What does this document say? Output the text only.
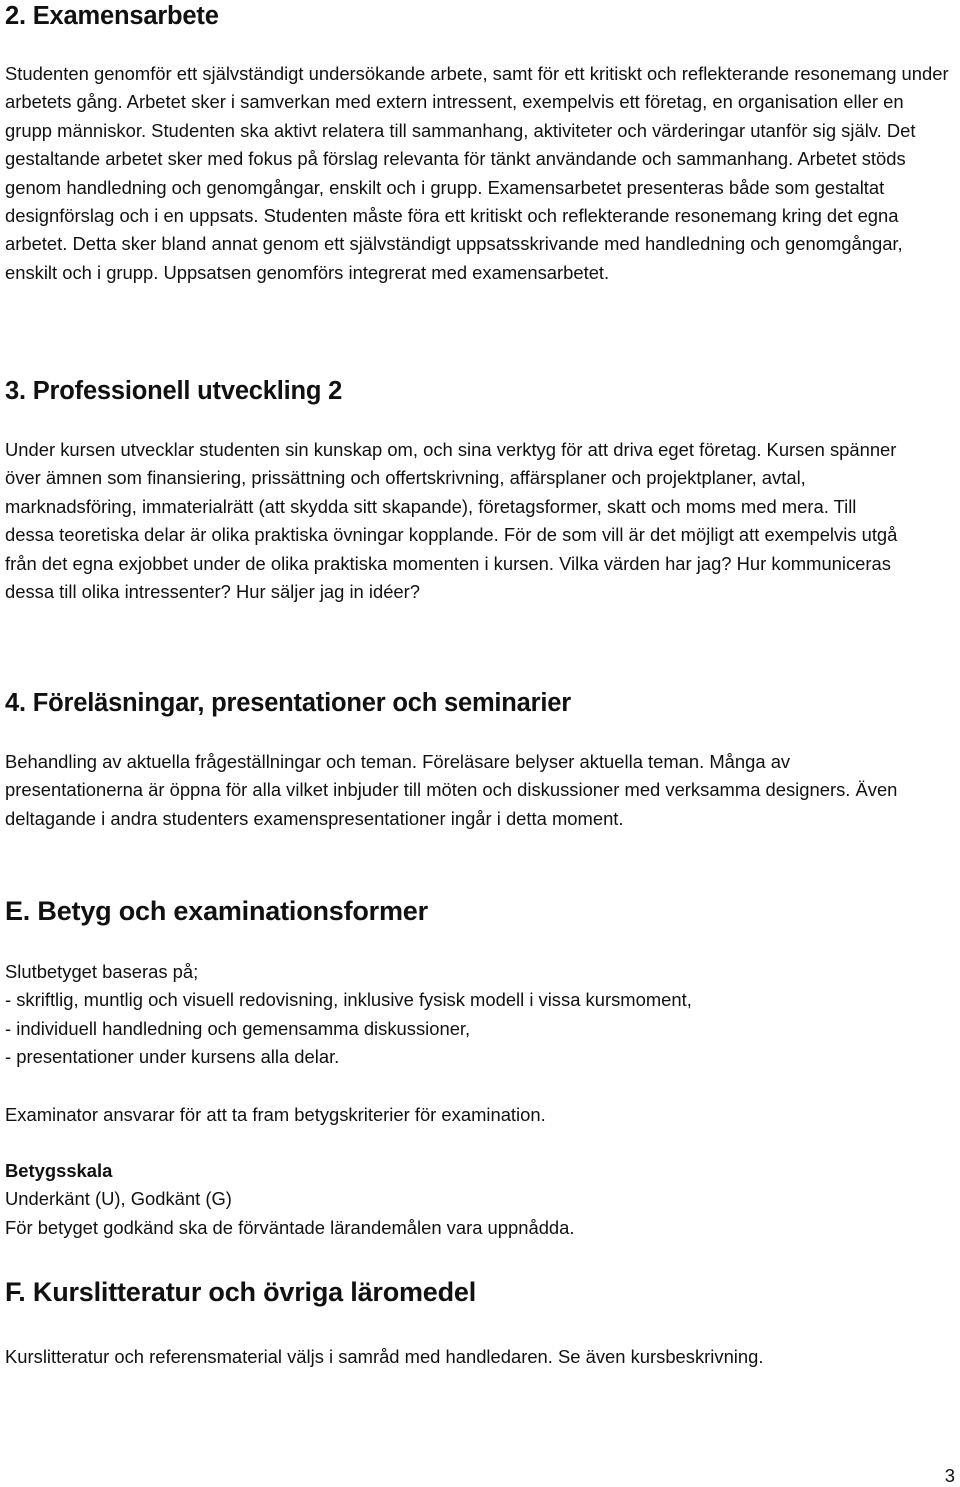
2. Examensarbete

Studenten genomför ett självständigt undersökande arbete, samt för ett kritiskt och reflekterande resonemang under arbetets gång. Arbetet sker i samverkan med extern intressent, exempelvis ett företag, en organisation eller en grupp människor. Studenten ska aktivt relatera till sammanhang, aktiviteter och värderingar utanför sig själv. Det gestaltande arbetet sker med fokus på förslag relevanta för tänkt användande och sammanhang. Arbetet stöds genom handledning och genomgångar, enskilt och i grupp. Examensarbetet presenteras både som gestaltat designförslag och i en uppsats. Studenten måste föra ett kritiskt och reflekterande resonemang kring det egna arbetet. Detta sker bland annat genom ett självständigt uppsatsskrivande med handledning och genomgångar, enskilt och i grupp. Uppsatsen genomförs integrerat med examensarbetet.

3. Professionell utveckling 2

Under kursen utvecklar studenten sin kunskap om, och sina verktyg för att driva eget företag. Kursen spänner över ämnen som finansiering, prissättning och offertskrivning, affärsplaner och projektplaner, avtal, marknadsföring, immaterialrätt (att skydda sitt skapande), företagsformer, skatt och moms med mera. Till dessa teoretiska delar är olika praktiska övningar kopplande. För de som vill är det möjligt att exempelvis utgå från det egna exjobbet under de olika praktiska momenten i kursen. Vilka värden har jag? Hur kommuniceras dessa till olika intressenter? Hur säljer jag in idéer?

4. Föreläsningar, presentationer och seminarier

Behandling av aktuella frågeställningar och teman. Föreläsare belyser aktuella teman. Många av presentationerna är öppna för alla vilket inbjuder till möten och diskussioner med verksamma designers. Även deltagande i andra studenters examenspresentationer ingår i detta moment.

E. Betyg och examinationsformer
Slutbetyget baseras på;
- skriftlig, muntlig och visuell redovisning, inklusive fysisk modell i vissa kursmoment,
- individuell handledning och gemensamma diskussioner,
- presentationer under kursens alla delar.
Examinator ansvarar för att ta fram betygskriterier för examination.
Betygsskala
Underkänt (U), Godkänt (G)
För betyget godkänd ska de förväntade lärandemålen vara uppnådda.
F. Kurslitteratur och övriga läromedel
Kurslitteratur och referensmaterial väljs i samråd med handledaren. Se även kursbeskrivning.
3
